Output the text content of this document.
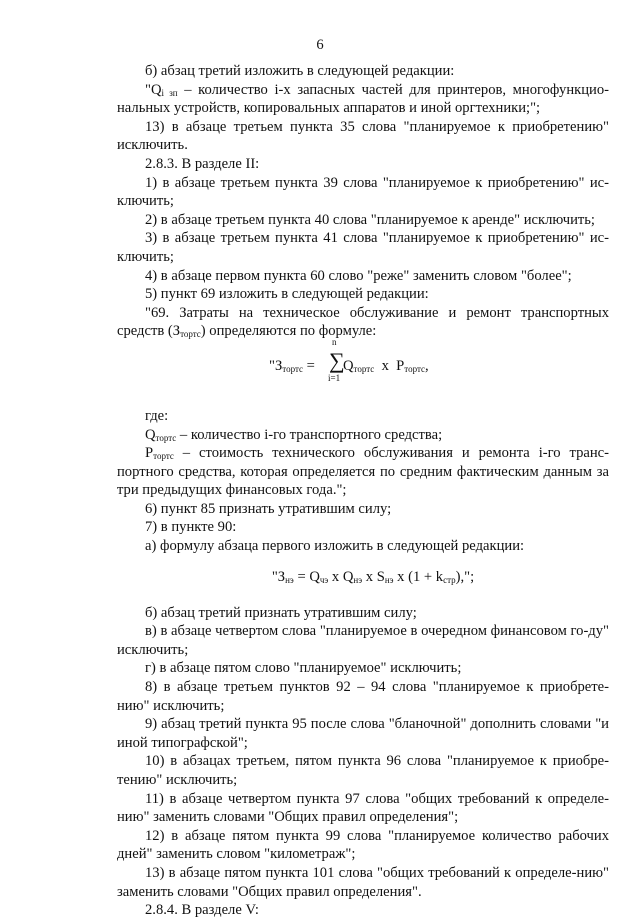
6

б) абзац третий изложить в следующей редакции:

"$Q_{i зп}$ – количество i-х запасных частей для принтеров, многофункцио-нальных устройств, копировальных аппаратов и иной оргтехники;";

13) в абзаце третьем пункта 35 слова "планируемое к приобретению" исключить.

2.8.3. В разделе II:

1) в абзаце третьем пункта 39 слова "планируемое к приобретению" ис-ключить;

2) в абзаце третьем пункта 40 слова "планируемое к аренде" исключить;

3) в абзаце третьем пункта 41 слова "планируемое к приобретению" ис-ключить;

4) в абзаце первом пункта 60 слово "реже" заменить словом "более";

5) пункт 69 изложить в следующей редакции:

"69. Затраты на техническое обслуживание и ремонт транспортных средств $(З_{тортс})$ определяются по формуле:

"$З_{тортс}$ =
n
∑
i=1
$Q_{тортс}$  x  $P_{тортс}$,

где:

$Q_{тортс}$ – количество i-го транспортного средства;

$P_{тортс}$ – стоимость технического обслуживания и ремонта i-го транс-портного средства, которая определяется по средним фактическим данным за три предыдущих финансовых года.";

6) пункт 85 признать утратившим силу;

7) в пункте 90:

а) формулу абзаца первого изложить в следующей редакции:

"$З_{нэ} = Q_{чэ}$ x $Q_{нэ}$ x $S_{нэ}$ x $(1 + k_{стр})$,";

б) абзац третий признать утратившим силу;

в) в абзаце четвертом слова "планируемое в очередном финансовом го-ду" исключить;

г) в абзаце пятом слово "планируемое" исключить;

8) в абзаце третьем пунктов 92 – 94 слова "планируемое к приобрете-нию" исключить;

9) абзац третий пункта 95 после слова "бланочной" дополнить словами "и иной типографской";

10) в абзацах третьем, пятом пункта 96 слова "планируемое к приобре-тению" исключить;

11) в абзаце четвертом пункта 97 слова "общих требований к определе-нию" заменить словами "Общих правил определения";

12) в абзаце пятом пункта 99 слова "планируемое количество рабочих дней" заменить словом "километраж";

13) в абзаце пятом пункта 101 слова "общих требований к определе-нию" заменить словами "Общих правил определения".

2.8.4. В разделе V:
